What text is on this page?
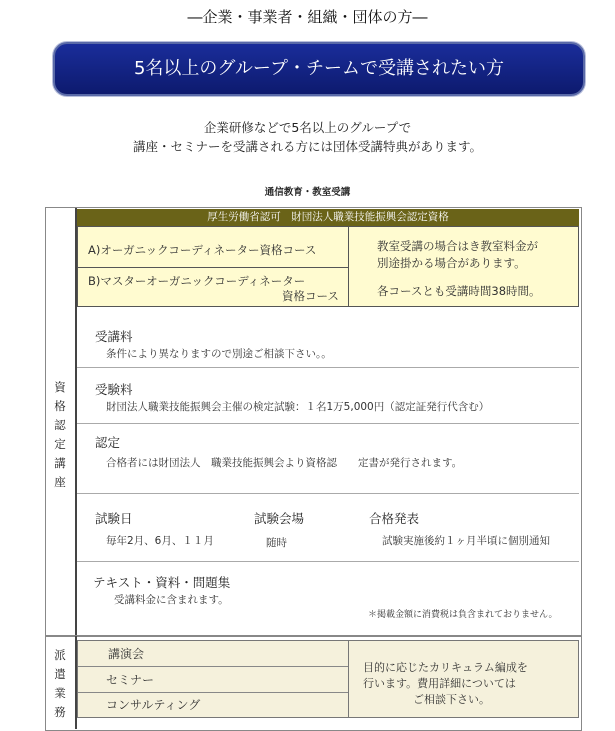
―企業・事業者・組織・団体の方―
5名以上のグループ・チームで受講されたい方
企業研修などで5名以上のグループで
講座・セミナーを受講される方には団体受講特典があります。
通信教育・教室受講
資
格
認
定
講
座
厚生労働省認可　財団法人職業技能振興会認定資格
A)オーガニックコーディネーター資格コース
B)マスターオーガニックコーディネーター
資格コース
教室受講の場合はき教室料金が
別途掛かる場合があります。
各コースとも受講時間38時間。
受講料
条件により異なりますので別途ご相談下さい。。
受験料
財団法人職業技能振興会主催の検定試験：１名1万5,000円（認定証発行代含む）
認定
合格者には財団法人　職業技能振興会より資格認　　定書が発行されます。
試験日
毎年2月、6月、１１月
試験会場
随時
合格発表
試験実施後約１ヶ月半頃に個別通知
テキスト・資料・問題集
受講料金に含まれます。
＊掲載金額に消費税は負含まれておりません。
派
遣
業
務
講演会
セミナー
コンサルティング
目的に応じたカリキュラム編成を
行います。費用詳細については
ご相談下さい。
